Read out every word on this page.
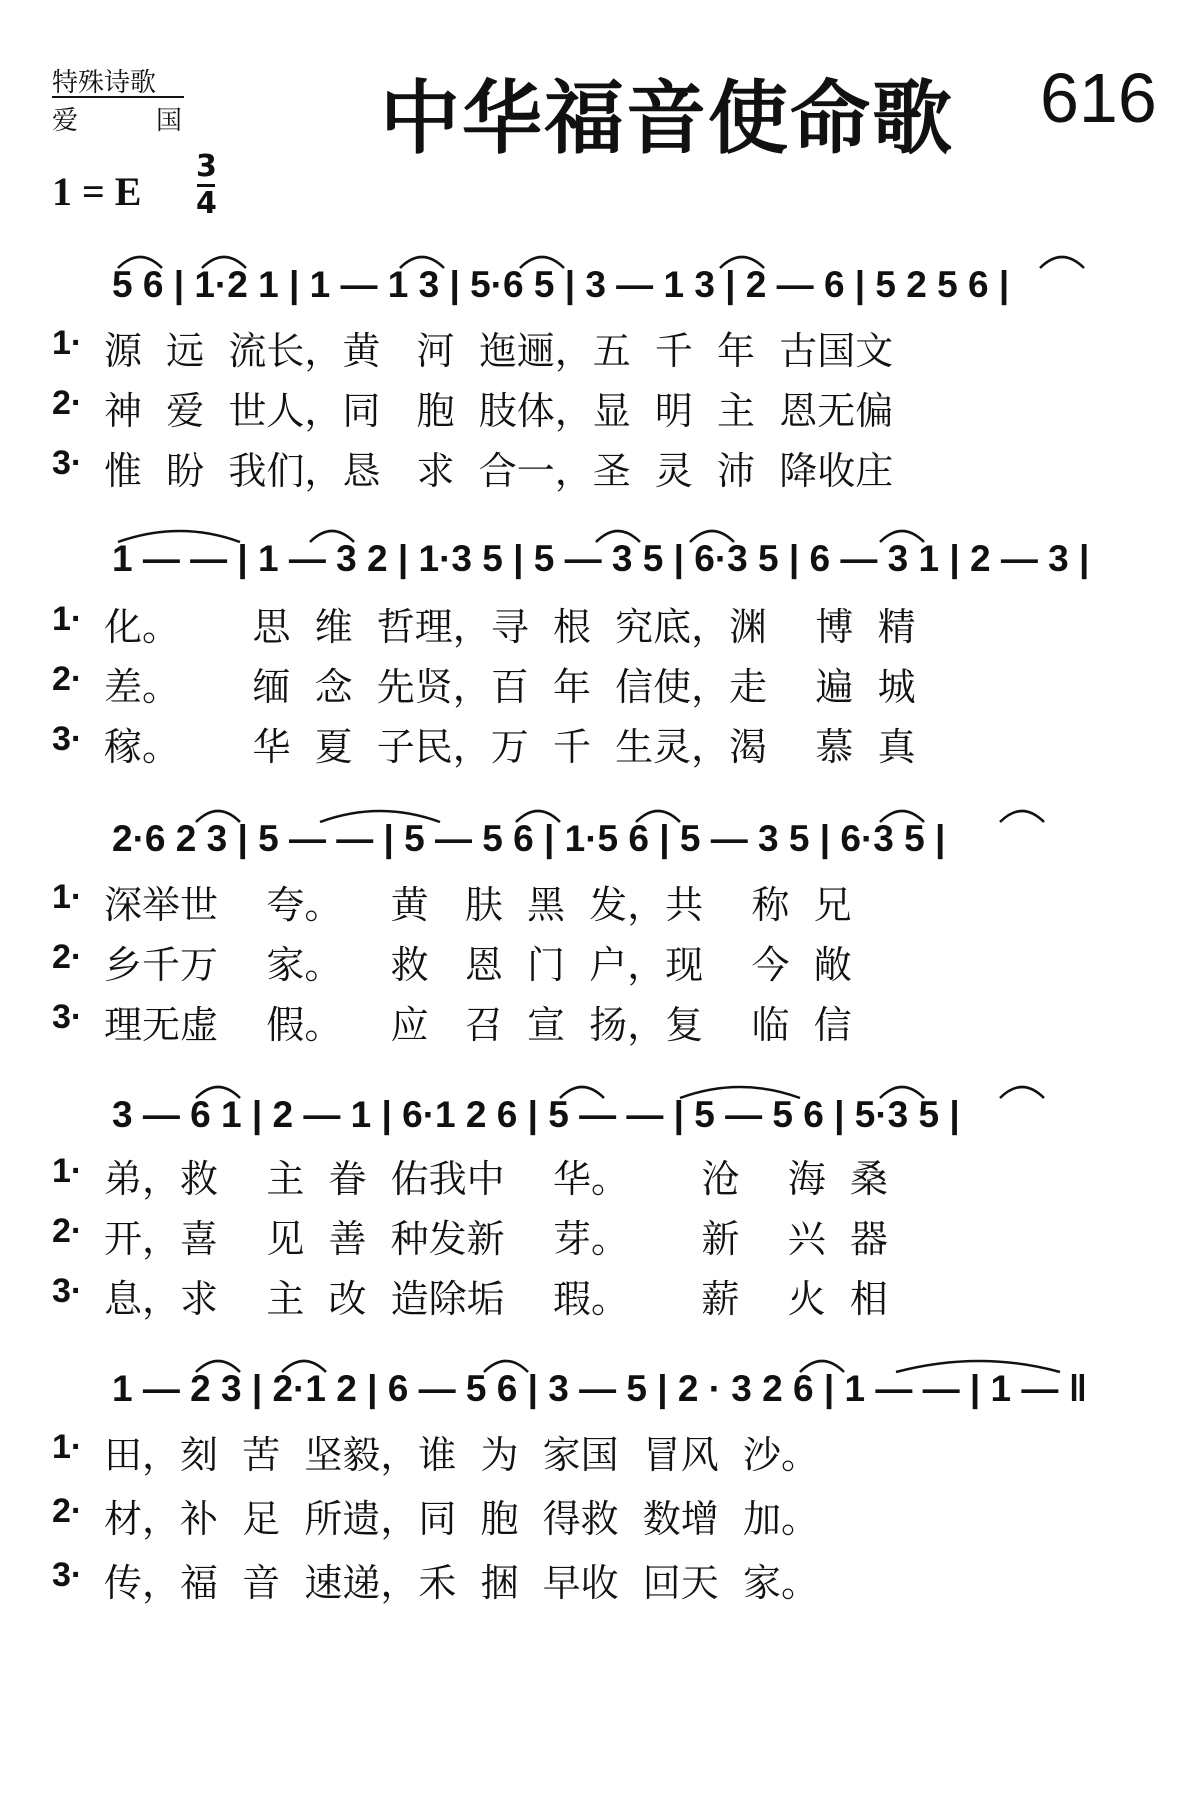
特殊诗歌
爱	国 中华福音使命歌 616
1 = E
3
4
5 6 | 1·2 1 | 1 — 1 3 | 5·6 5 | 3 — 1 3 | 2 — 6 | 5 2 5 6 |
1· 源  远  流长，黄   河  迤逦，五  千  年  古国文
2· 神  爱  世人，同   胞  肢体，显  明  主  恩无偏
3· 惟  盼  我们，恳   求  合一，圣  灵  沛  降收庄
1 — — | 1 — 3 2 | 1·3 5 | 5 — 3 5 | 6·3 5 | 6 — 3 1 | 2 — 3 |
1· 化。      思  维  哲理，寻  根  究底，渊    博  精
2· 差。      缅  念  先贤，百  年  信使，走    遍  城
3· 稼。      华  夏  子民，万  千  生灵，渴    慕  真
2·6 2 3 | 5 — — | 5 — 5 6 | 1·5 6 | 5 — 3 5 | 6·3 5 |
1· 深举世    夸。    黄   肤  黑  发，共    称  兄
2· 乡千万    家。    救   恩  门  户，现    今  敞
3· 理无虚    假。    应   召  宣  扬，复    临  信
3 — 6 1 | 2 — 1 | 6·1 2 6 | 5 — — | 5 — 5 6 | 5·3 5 |
1· 弟，救    主  眷  佑我中    华。      沧    海  桑
2· 开，喜    见  善  种发新    芽。      新    兴  器
3· 息，求    主  改  造除垢    瑕。      薪    火  相
1 — 2 3 | 2·1 2 | 6 — 5 6 | 3 — 5 | 2 · 3 2 6 | 1 — — | 1 — ‖
1· 田，刻  苦  坚毅，谁  为  家国  冒风  沙。
2· 材，补  足  所遗，同  胞  得救  数增  加。
3· 传，福  音  速递，禾  捆  早收  回天  家。
